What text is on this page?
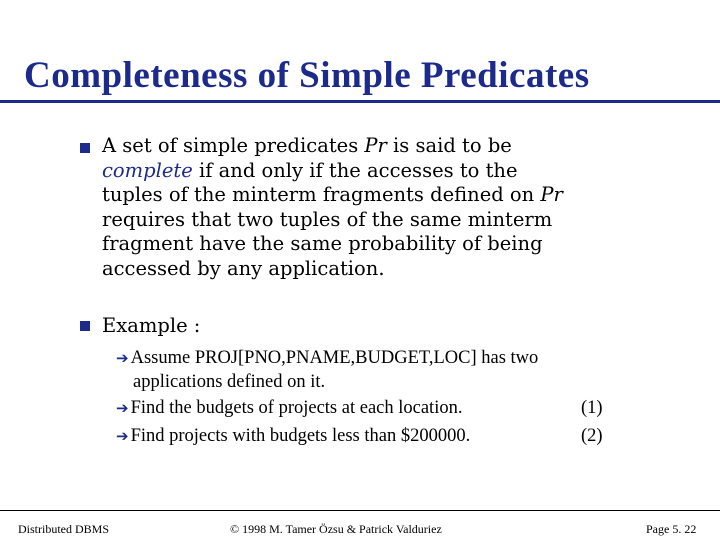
Completeness of Simple Predicates
A set of simple predicates Pr is said to be
complete if and only if the accesses to the
tuples of the minterm fragments defined on Pr
requires that two tuples of the same minterm
fragment have the same probability of being
accessed by any application.
Example :
➔ Assume PROJ[PNO,PNAME,BUDGET,LOC] has two
applications defined on it.
➔ Find the budgets of projects at each location.	(1)
➔ Find projects with budgets less than $200000.	(2)
Distributed DBMS	© 1998 M. Tamer Özsu & Patrick Valduriez	Page 5. 22
